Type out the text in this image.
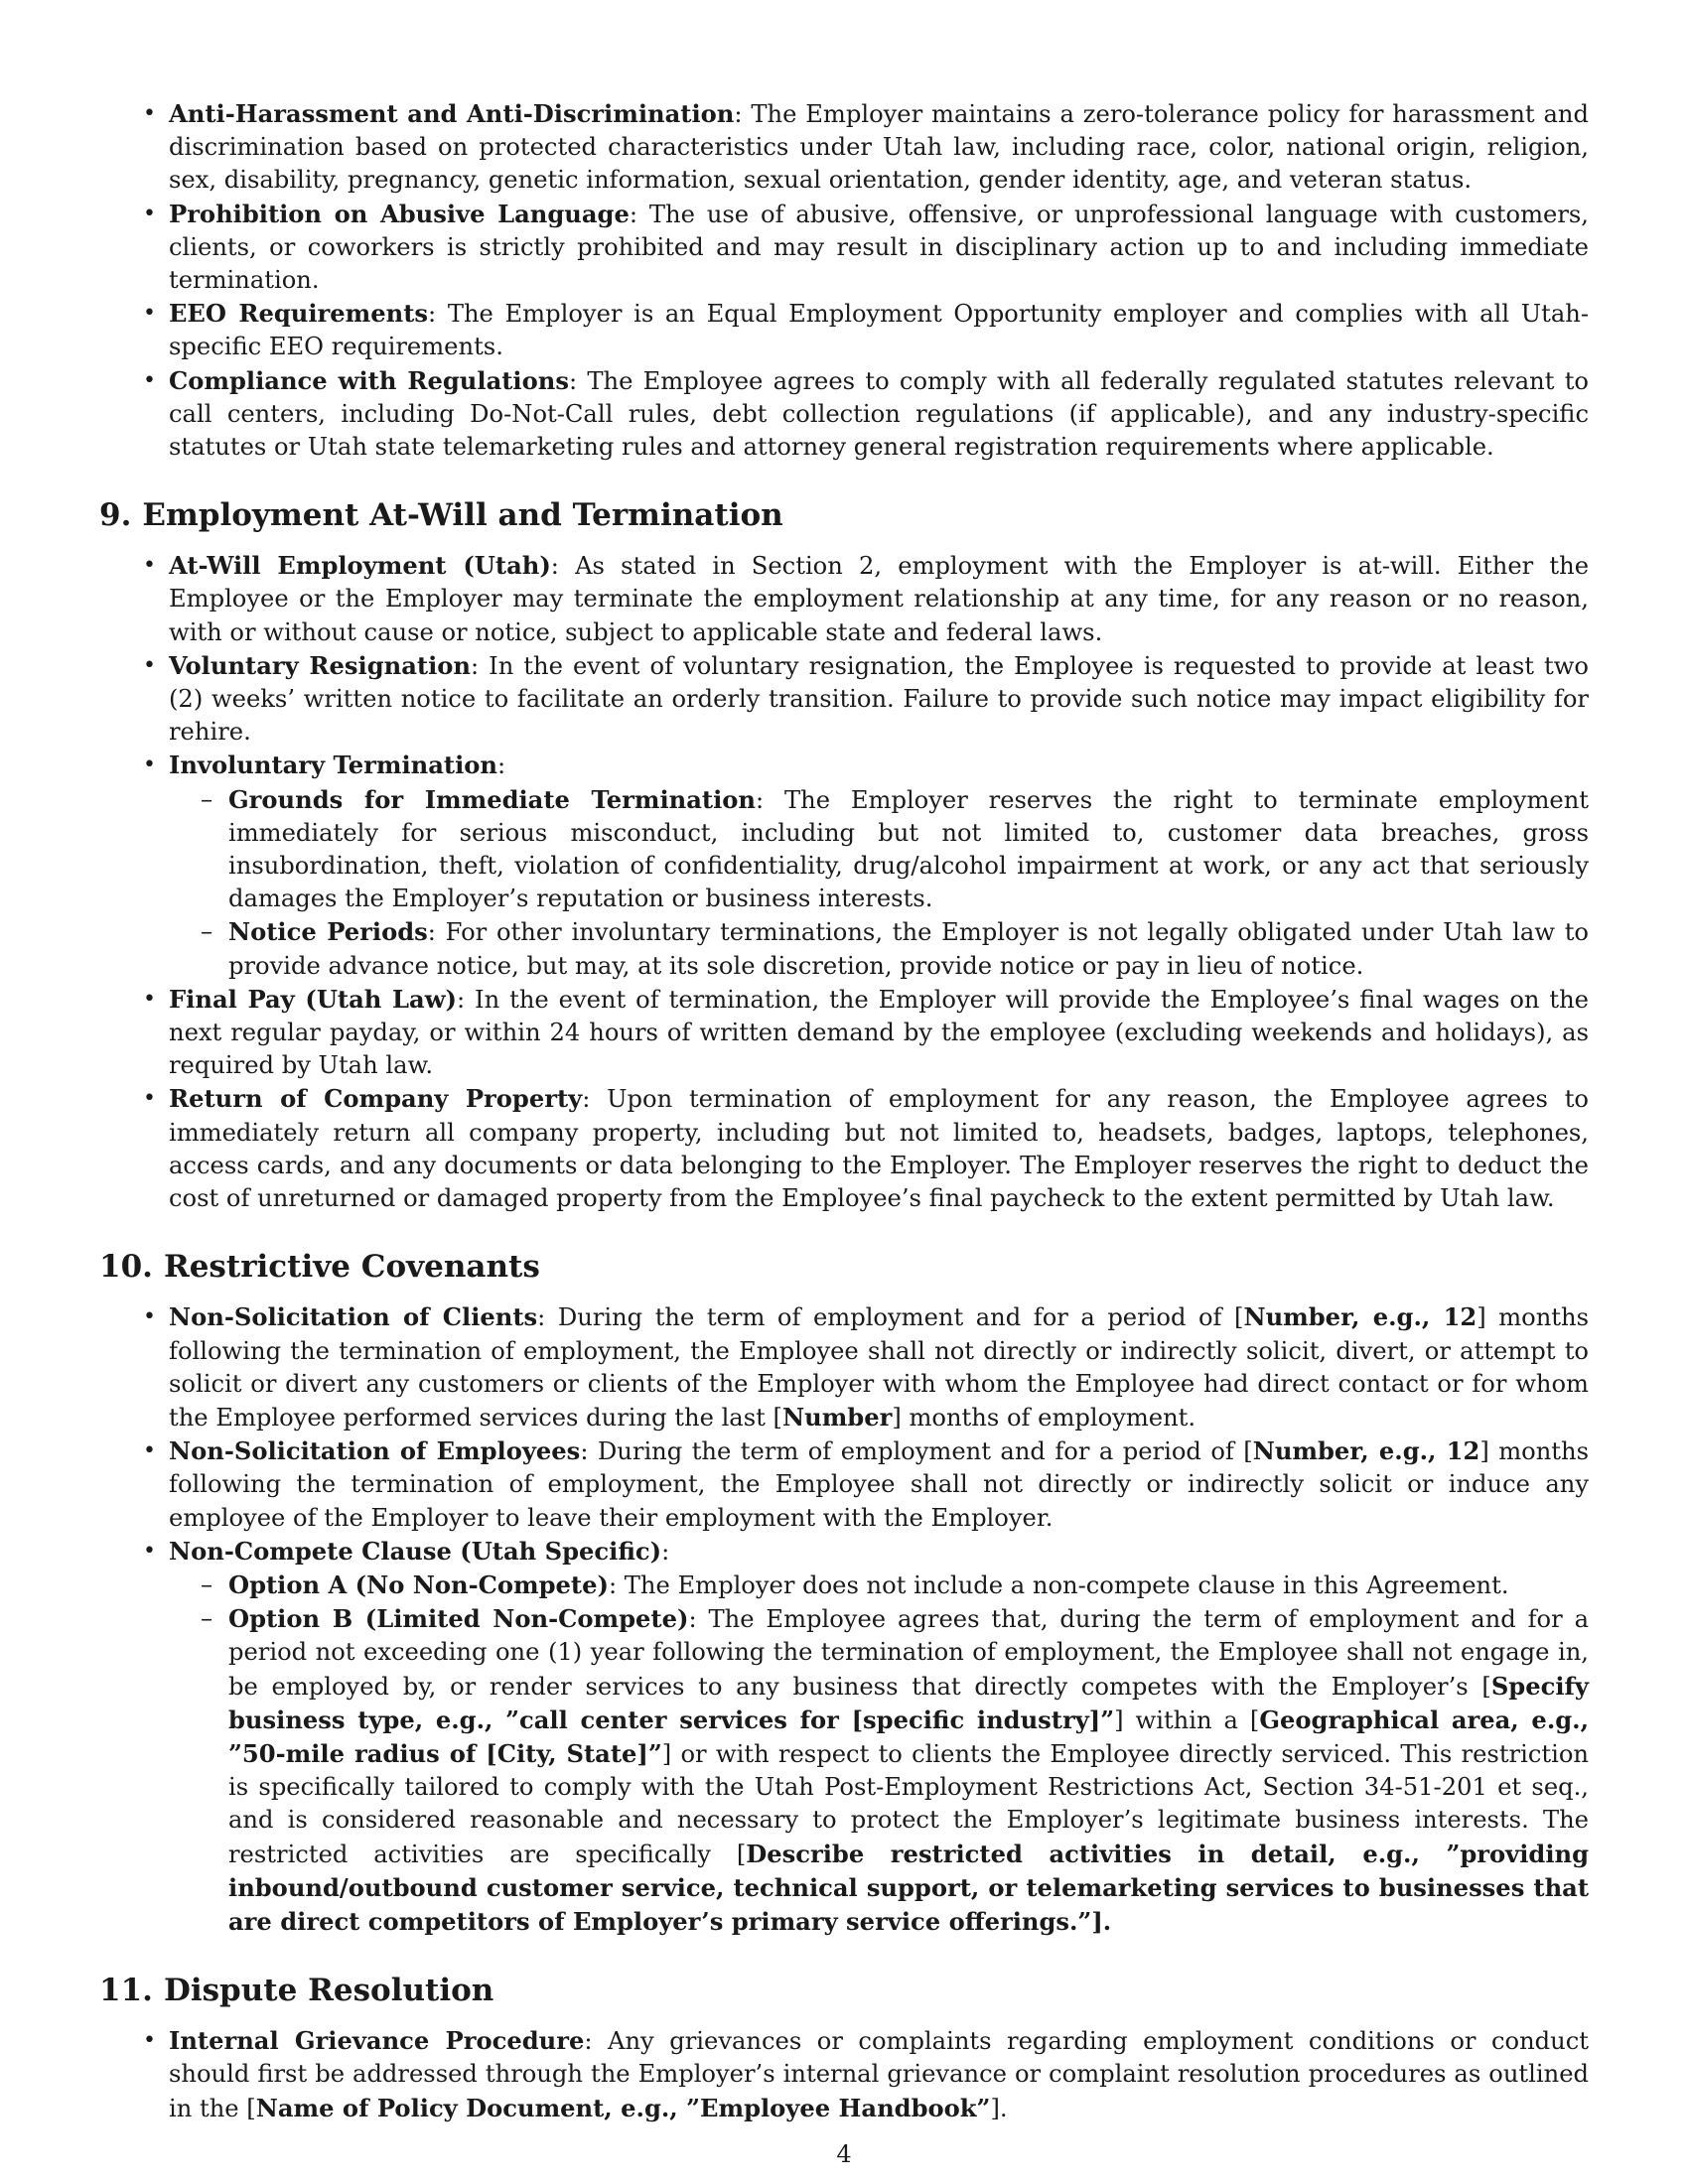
• Anti-Harassment and Anti-Discrimination: The Employer maintains a zero-tolerance policy for harassment and discrimination based on protected characteristics under Utah law, including race, color, national origin, religion, sex, disability, pregnancy, genetic information, sexual orientation, gender identity, age, and veteran status.
• Prohibition on Abusive Language: The use of abusive, offensive, or unprofessional language with customers, clients, or coworkers is strictly prohibited and may result in disciplinary action up to and including immediate termination.
• EEO Requirements: The Employer is an Equal Employment Opportunity employer and complies with all Utah-specific EEO requirements.
• Compliance with Regulations: The Employee agrees to comply with all federally regulated statutes relevant to call centers, including Do-Not-Call rules, debt collection regulations (if applicable), and any industry-specific statutes or Utah state telemarketing rules and attorney general registration requirements where applicable.
9. Employment At-Will and Termination
• At-Will Employment (Utah): As stated in Section 2, employment with the Employer is at-will. Either the Employee or the Employer may terminate the employment relationship at any time, for any reason or no reason, with or without cause or notice, subject to applicable state and federal laws.
• Voluntary Resignation: In the event of voluntary resignation, the Employee is requested to provide at least two (2) weeks’ written notice to facilitate an orderly transition. Failure to provide such notice may impact eligibility for rehire.
• Involuntary Termination:
– Grounds for Immediate Termination: The Employer reserves the right to terminate employment immediately for serious misconduct, including but not limited to, customer data breaches, gross insubordination, theft, violation of confidentiality, drug/alcohol impairment at work, or any act that seriously damages the Employer’s reputation or business interests.
– Notice Periods: For other involuntary terminations, the Employer is not legally obligated under Utah law to provide advance notice, but may, at its sole discretion, provide notice or pay in lieu of notice.
• Final Pay (Utah Law): In the event of termination, the Employer will provide the Employee’s final wages on the next regular payday, or within 24 hours of written demand by the employee (excluding weekends and holidays), as required by Utah law.
• Return of Company Property: Upon termination of employment for any reason, the Employee agrees to immediately return all company property, including but not limited to, headsets, badges, laptops, telephones, access cards, and any documents or data belonging to the Employer. The Employer reserves the right to deduct the cost of unreturned or damaged property from the Employee’s final paycheck to the extent permitted by Utah law.
10. Restrictive Covenants
• Non-Solicitation of Clients: During the term of employment and for a period of [Number, e.g., 12] months following the termination of employment, the Employee shall not directly or indirectly solicit, divert, or attempt to solicit or divert any customers or clients of the Employer with whom the Employee had direct contact or for whom the Employee performed services during the last [Number] months of employment.
• Non-Solicitation of Employees: During the term of employment and for a period of [Number, e.g., 12] months following the termination of employment, the Employee shall not directly or indirectly solicit or induce any employee of the Employer to leave their employment with the Employer.
• Non-Compete Clause (Utah Specific):
– Option A (No Non-Compete): The Employer does not include a non-compete clause in this Agreement.
– Option B (Limited Non-Compete): The Employee agrees that, during the term of employment and for a period not exceeding one (1) year following the termination of employment, the Employee shall not engage in, be employed by, or render services to any business that directly competes with the Employer’s [Specify business type, e.g., ”call center services for [specific industry]”] within a [Geographical area, e.g., ”50-mile radius of [City, State]”] or with respect to clients the Employee directly serviced. This restriction is specifically tailored to comply with the Utah Post-Employment Restrictions Act, Section 34-51-201 et seq., and is considered reasonable and necessary to protect the Employer’s legitimate business interests. The restricted activities are specifically [Describe restricted activities in detail, e.g., ”providing inbound/outbound customer service, technical support, or telemarketing services to businesses that are direct competitors of Employer’s primary service offerings.”].
11. Dispute Resolution
• Internal Grievance Procedure: Any grievances or complaints regarding employment conditions or conduct should first be addressed through the Employer’s internal grievance or complaint resolution procedures as outlined in the [Name of Policy Document, e.g., ”Employee Handbook”].
4
